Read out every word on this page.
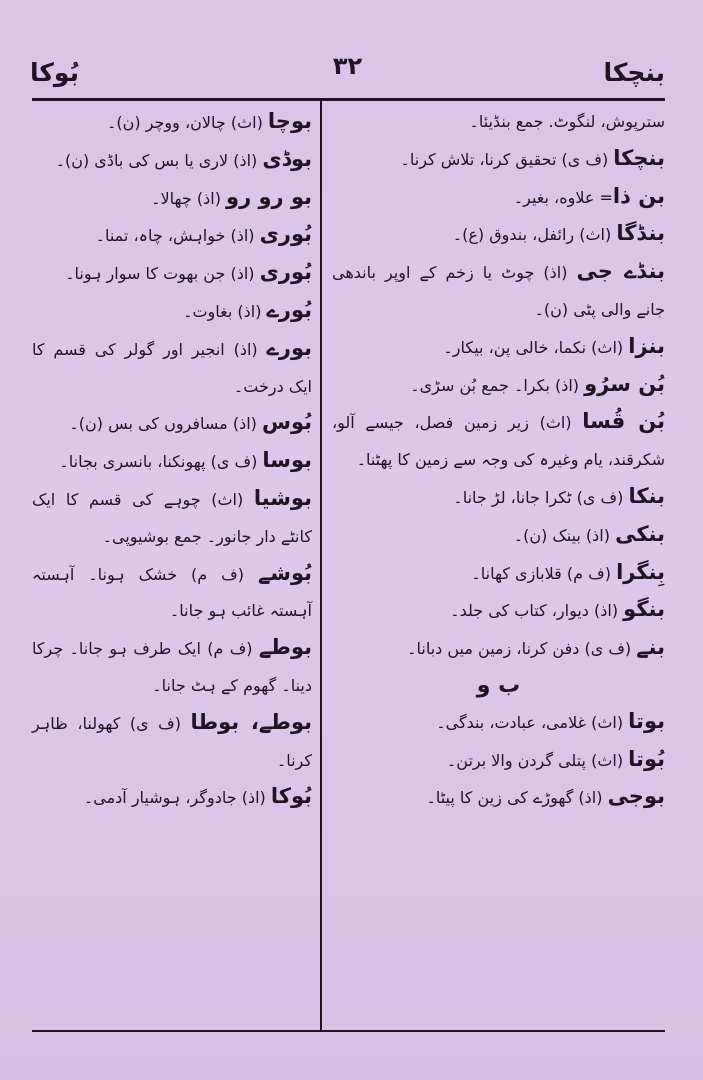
بنچکا
۳۲
بُوکا

سترپوش، لنگوٹ. جمع بنڈیئا۔

بنچکا (ف ی) تحقیق کرنا، تلاش کرنا۔

بن ذا= علاوه، بغیر۔

بنڈگا (اث) رائفل، بندوق (ع)۔

بنڈے جی (اذ) چوٹ یا زخم کے اوپر باندھی جانے والی پٹی (ن)۔

بنزا (اث) نکما، خالی پن، بیکار۔

بُن سرُو (اذ) بکرا۔ جمع بُن سڑی۔

بُن قُسا (اث) زیر زمین فصل، جیسے آلو، شکرقند، یام وغیرہ کی وجہ سے زمین کا پھٹنا۔

بنکا (ف ی) ٹکرا جانا، لڑ جانا۔

بنکی (اذ) بینک (ن)۔

بِنگرا (ف م) قلابازی کھانا۔

بنگو (اذ) دیوار، کتاب کی جلد۔

بنے (ف ی) دفن کرنا، زمین میں دبانا۔

ب و

بوتا (اث) غلامی، عبادت، بندگی۔

بُوتا (اث) پتلی گردن والا برتن۔

بوجی (اذ) گھوڑے کی زین کا پیٹا۔

بوچا (اث) چالان، ووچر (ن)۔

بوڈی (اذ) لاری یا بس کی باڈی (ن)۔

بو رو رو (اذ) چھالا۔

بُوری (اذ) خواہش، چاہ، تمنا۔

بُوری (اذ) جن بھوت کا سوار ہونا۔

بُورے (اذ) بغاوت۔

بورے (اذ) انجیر اور گولر کی قسم کا ایک درخت۔

بُوس (اذ) مسافروں کی بس (ن)۔

بوسا (ف ی) پھونکنا، بانسری بجانا۔

بوشیا (اث) چوہے کی قسم کا ایک کانٹے دار جانور۔ جمع بوشیوپی۔

بُوشے (ف م) خشک ہونا۔ آہستہ آہستہ غائب ہو جانا۔

بوطے (ف م) ایک طرف ہو جانا۔ چرکا دینا۔ گھوم کے ہٹ جانا۔

بوطے، بوطا (ف ی) کھولنا، ظاہر کرنا۔

بُوکا (اذ) جادوگر، ہوشیار آدمی۔
